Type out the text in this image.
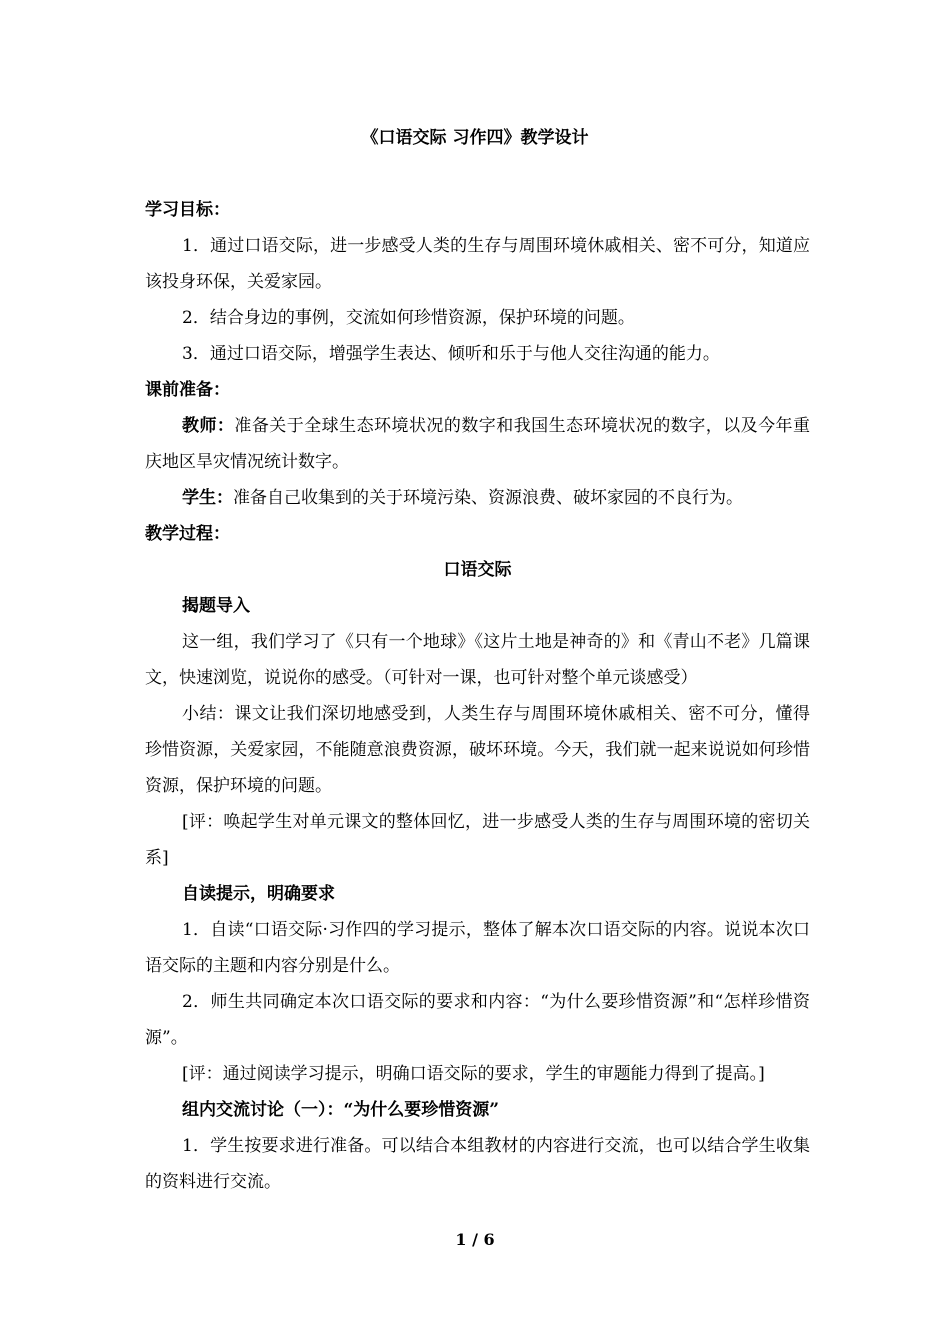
《口语交际 习作四》教学设计

学习目标：

1．通过口语交际，进一步感受人类的生存与周围环境休戚相关、密不可分，知道应该投身环保，关爱家园。

2．结合身边的事例，交流如何珍惜资源，保护环境的问题。

3．通过口语交际，增强学生表达、倾听和乐于与他人交往沟通的能力。

课前准备：

教师：准备关于全球生态环境状况的数字和我国生态环境状况的数字，以及今年重庆地区旱灾情况统计数字。

学生：准备自己收集到的关于环境污染、资源浪费、破坏家园的不良行为。

教学过程：

口语交际

揭题导入

这一组，我们学习了《只有一个地球》《这片土地是神奇的》和《青山不老》几篇课文，快速浏览，说说你的感受。（可针对一课，也可针对整个单元谈感受）

小结：课文让我们深切地感受到，人类生存与周围环境休戚相关、密不可分，懂得珍惜资源，关爱家园，不能随意浪费资源，破坏环境。今天，我们就一起来说说如何珍惜资源，保护环境的问题。

[评：唤起学生对单元课文的整体回忆，进一步感受人类的生存与周围环境的密切关系]

自读提示，明确要求

1．自读“口语交际·习作四的学习提示，整体了解本次口语交际的内容。说说本次口语交际的主题和内容分别是什么。

2．师生共同确定本次口语交际的要求和内容：“为什么要珍惜资源”和“怎样珍惜资源”。

[评：通过阅读学习提示，明确口语交际的要求，学生的审题能力得到了提高。]

组内交流讨论（一）：“为什么要珍惜资源”

1．学生按要求进行准备。可以结合本组教材的内容进行交流，也可以结合学生收集的资料进行交流。

1 / 6
